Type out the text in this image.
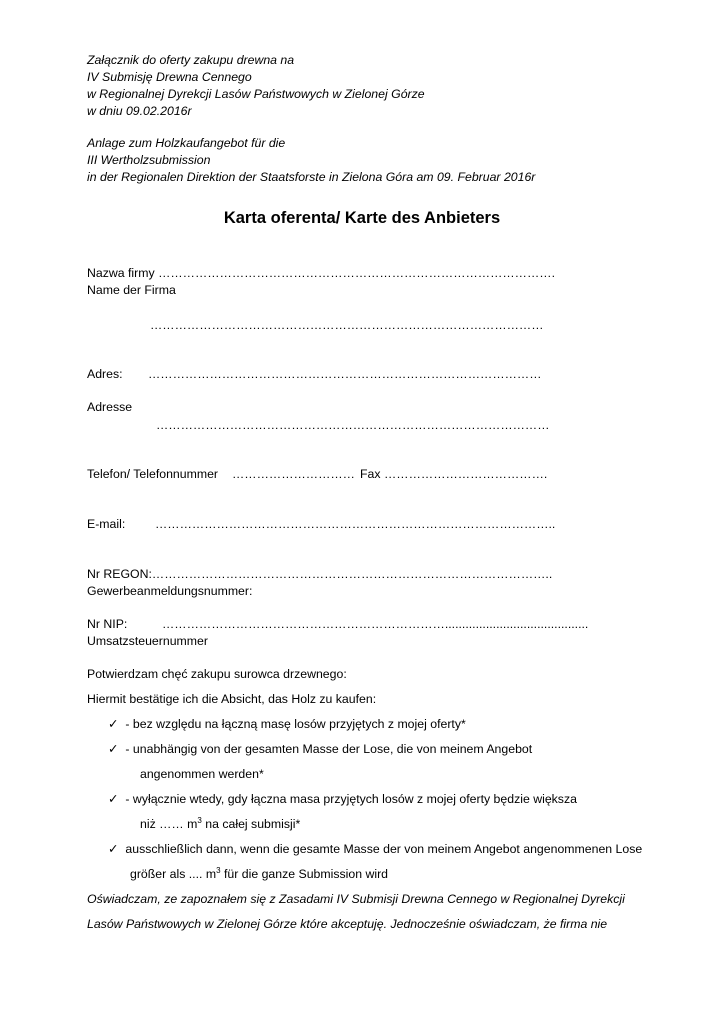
Załącznik do oferty zakupu drewna na
IV Submisję Drewna Cennego
w Regionalnej Dyrekcji Lasów Państwowych w Zielonej Górze
w dniu 09.02.2016r
Anlage zum Holzkaufangebot für die
III Wertholzsubmission
in der Regionalen Direktion der Staatsforste in Zielona Góra am 09. Februar 2016r
Karta oferenta/ Karte des Anbieters
Nazwa firmy …………………………………………………………………………………….
Name der Firma
……………………………………………………………………………………
Adres: ……………………………………………………………………………………
Adresse
……………………………………………………………………………………
Telefon/ Telefonnummer ………………………… Fax ………………………………….
E-mail: ……………………………………………………………………………………..
Nr REGON:……………………………………………………………………………………..
Gewerbeanmeldungsnummer:
Nr NIP:	……………………………………………………………..........................................
Umsatzsteuernummer
Potwierdzam chęć zakupu surowca drzewnego:
Hiermit bestätige ich die Absicht, das Holz zu kaufen:
✓ - bez względu na łączną masę losów przyjętych z mojej oferty*
✓ - unabhängig von der gesamten Masse der Lose, die von meinem Angebot
angenommen werden*
✓ - wyłącznie wtedy, gdy łączna masa przyjętych losów z mojej oferty będzie większa
niż …… $m^3$ na całej submisji*
✓ ausschließlich dann, wenn die gesamte Masse der von meinem Angebot angenommenen Lose
größer als .... $m^3$ für die ganze Submission wird
Oświadczam, ze zapoznałem się z Zasadami IV Submisji Drewna Cennego w Regionalnej Dyrekcji
Lasów Państwowych w Zielonej Górze które akceptuję. Jednocześnie oświadczam, że firma nie
